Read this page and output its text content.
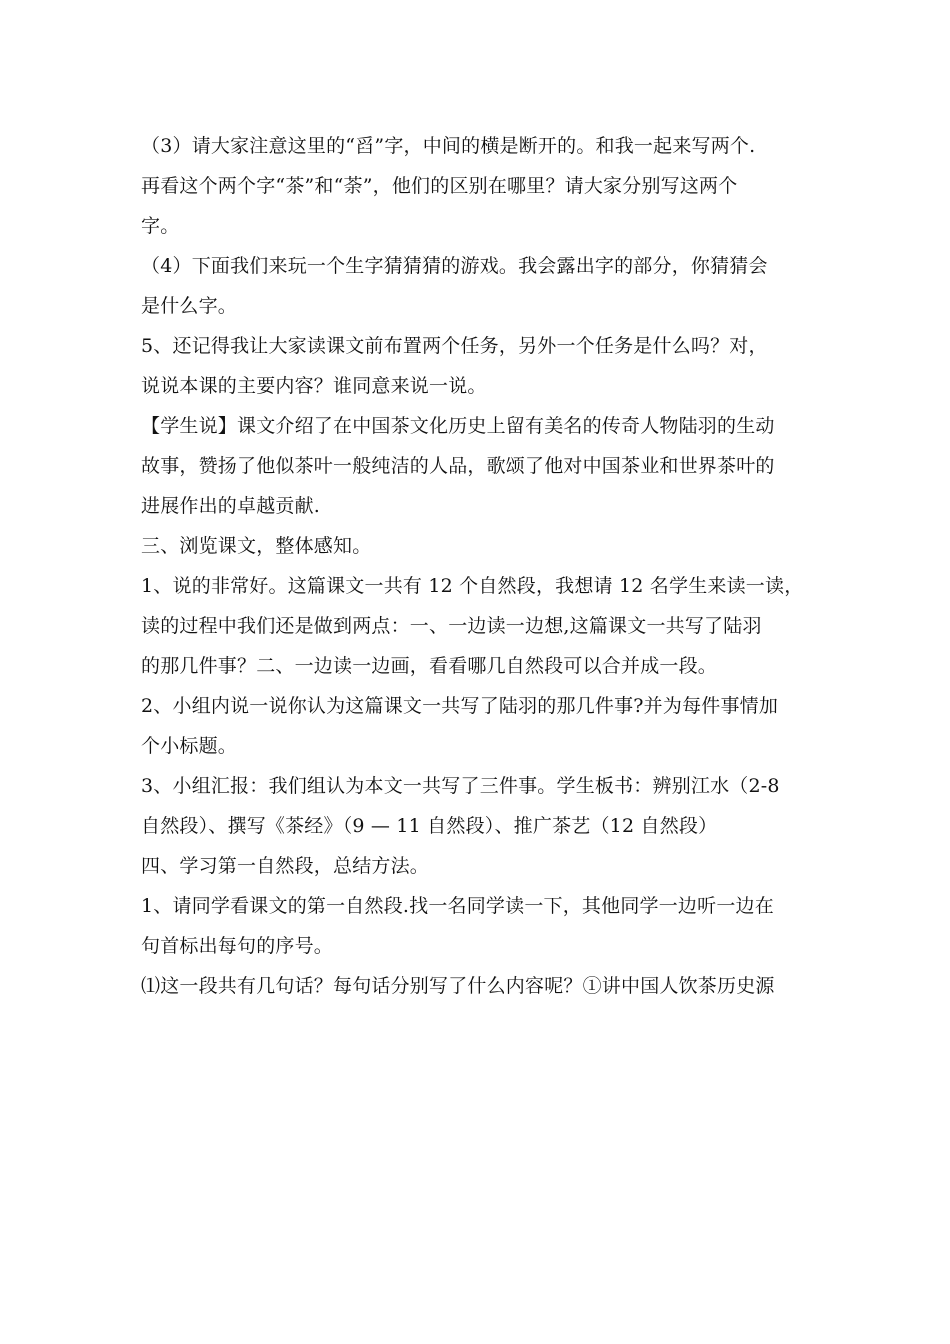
（3）请大家注意这里的“舀”字，中间的横是断开的。和我一起来写两个.
再看这个两个字“茶”和“荼”，他们的区别在哪里？请大家分别写这两个
字。
（4）下面我们来玩一个生字猜猜猜的游戏。我会露出字的部分，你猜猜会
是什么字。
5、还记得我让大家读课文前布置两个任务，另外一个任务是什么吗？对，
说说本课的主要内容？谁同意来说一说。
【学生说】课文介绍了在中国茶文化历史上留有美名的传奇人物陆羽的生动
故事，赞扬了他似茶叶一般纯洁的人品，歌颂了他对中国茶业和世界茶叶的
进展作出的卓越贡献.
三、浏览课文，整体感知。
1、说的非常好。这篇课文一共有 12 个自然段，我想请 12 名学生来读一读，
读的过程中我们还是做到两点：一、一边读一边想,这篇课文一共写了陆羽
的那几件事？二、一边读一边画，看看哪几自然段可以合并成一段。
2、小组内说一说你认为这篇课文一共写了陆羽的那几件事?并为每件事情加
个小标题。
3、小组汇报：我们组认为本文一共写了三件事。学生板书：辨别江水（2-8
自然段）、撰写《茶经》（9 — 11 自然段）、推广茶艺（12 自然段）
四、学习第一自然段，总结方法。
1、请同学看课文的第一自然段.找一名同学读一下，其他同学一边听一边在
句首标出每句的序号。
⑴这一段共有几句话？每句话分别写了什么内容呢？①讲中国人饮茶历史源
